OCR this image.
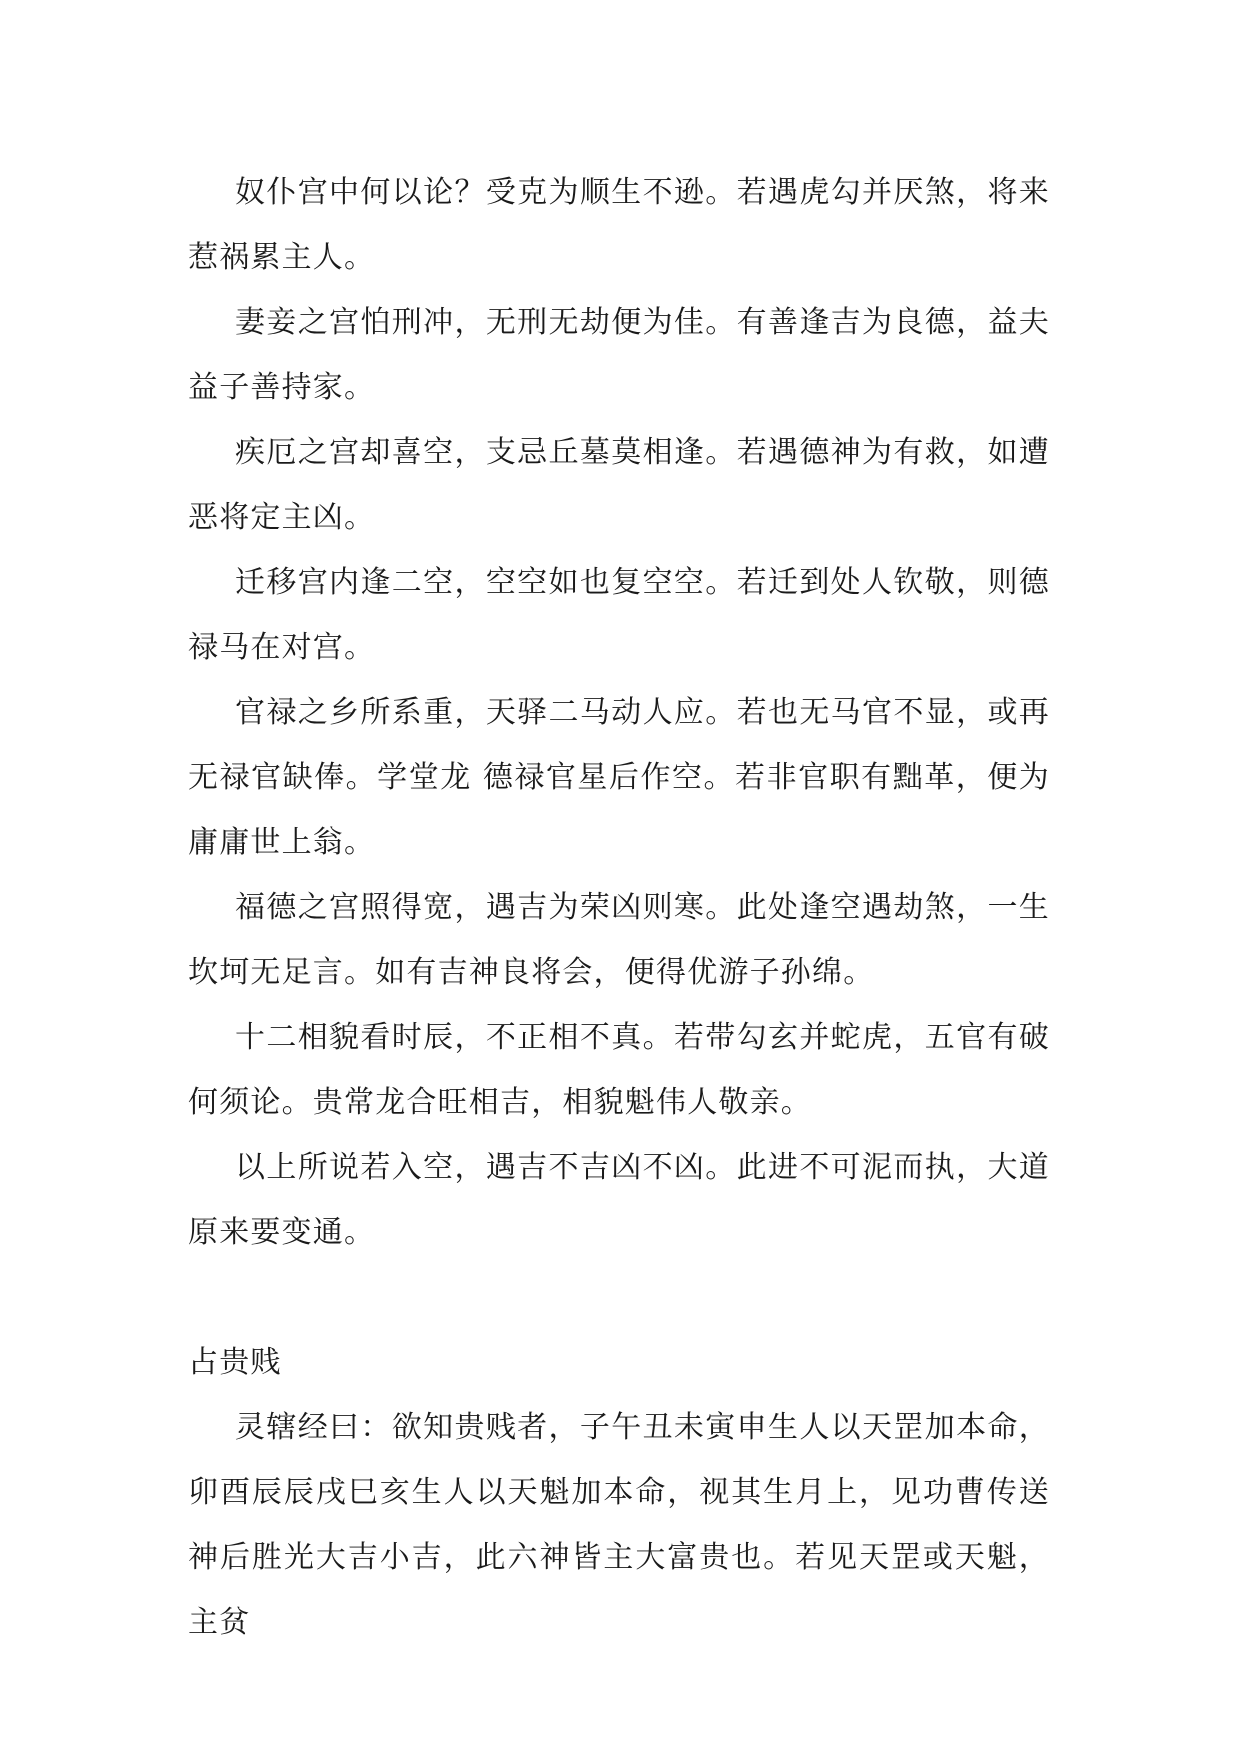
奴仆宫中何以论？受克为顺生不逊。若遇虎勾并厌煞，将来惹祸累主人。

妻妾之宫怕刑冲，无刑无劫便为佳。有善逢吉为良德，益夫益子善持家。

疾厄之宫却喜空，支忌丘墓莫相逢。若遇德神为有救，如遭恶将定主凶。

迁移宫内逢二空，空空如也复空空。若迁到处人钦敬，则德禄马在对宫。

官禄之乡所系重，天驿二马动人应。若也无马官不显，或再无禄官缺俸。学堂龙 德禄官星后作空。若非官职有黜革，便为庸庸世上翁。

福德之宫照得宽，遇吉为荣凶则寒。此处逢空遇劫煞，一生坎坷无足言。如有吉神良将会，便得优游子孙绵。

十二相貌看时辰，不正相不真。若带勾玄并蛇虎，五官有破何须论。贵常龙合旺相吉，相貌魁伟人敬亲。

以上所说若入空，遇吉不吉凶不凶。此进不可泥而执，大道原来要变通。

占贵贱

灵辖经曰：欲知贵贱者，子午丑未寅申生人以天罡加本命，卯酉辰辰戌巳亥生人以天魁加本命，视其生月上，见功曹传送神后胜光大吉小吉，此六神皆主大富贵也。若见天罡或天魁，主贫
